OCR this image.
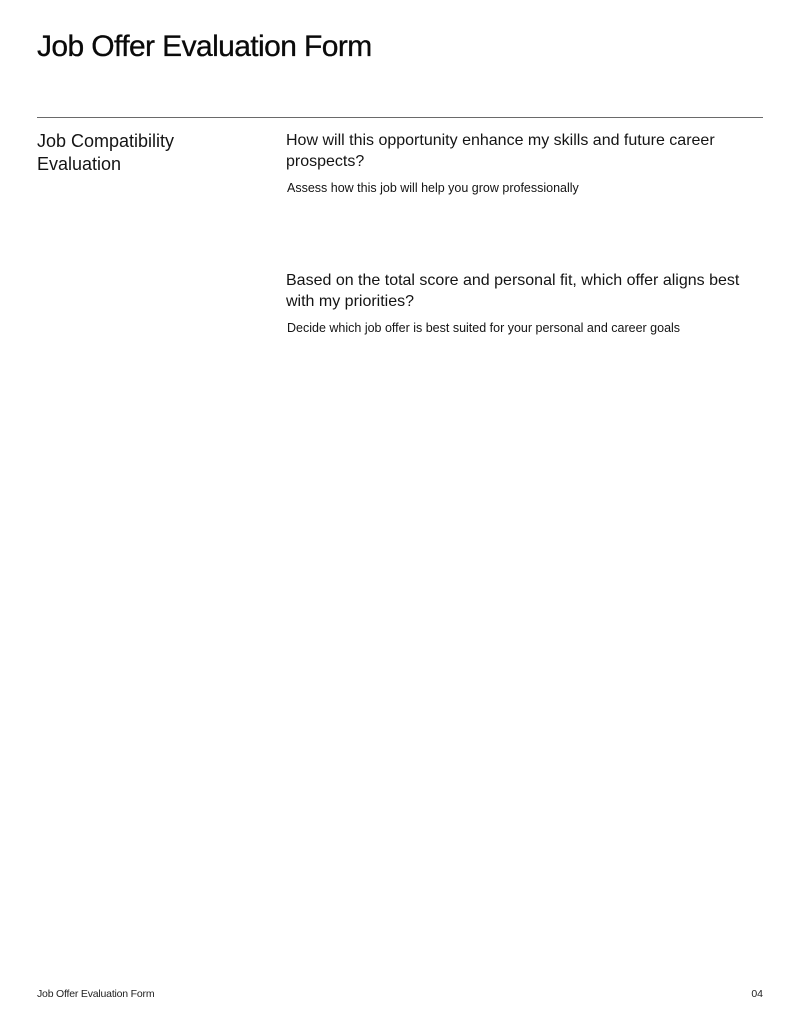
Job Offer Evaluation Form
Job Compatibility Evaluation

How will this opportunity enhance my skills and future career prospects?

Assess how this job will help you grow professionally

Based on the total score and personal fit, which offer aligns best with my priorities?

Decide which job offer is best suited for your personal and career goals

Job Offer Evaluation Form	04
